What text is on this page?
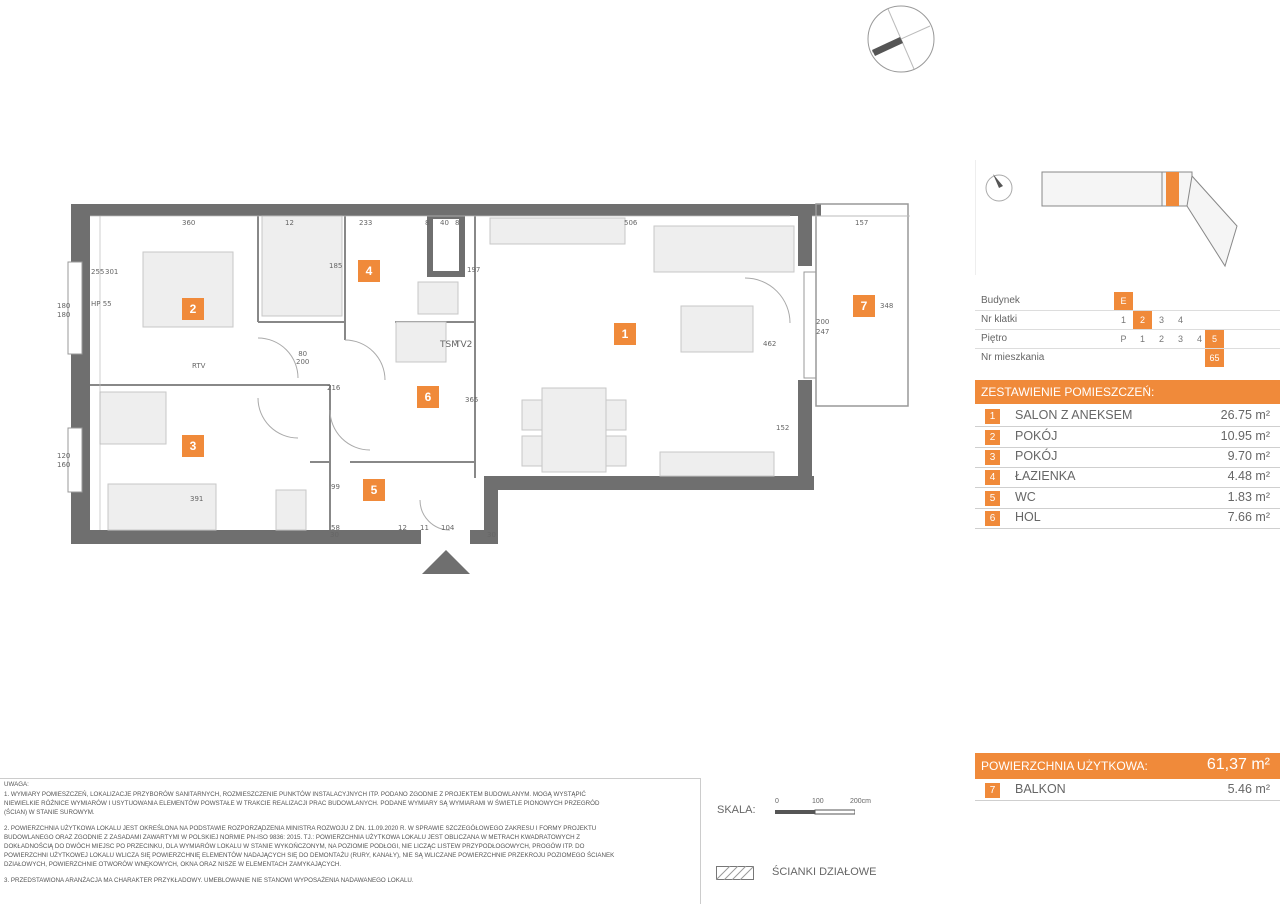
1
2
3
4
5
6
7
360	12	233	8 40 8	506	157
301
255
180
180
185	197
200
247
462
348
365
152
216
391
120
160
99
104
58	12 11
30	30
80
200
TSM
TV2
RTV
HP 55	Budynek	E
Nr klatki	1	2	3	4
Piętro	P	1	2	3	4	5
Nr mieszkania	65
ZESTAWIENIE POMIESZCZEŃ:
1	SALON Z ANEKSEM	26.75 m²
2	POKÓJ	10.95 m²
3	POKÓJ	9.70 m²
4	ŁAZIENKA	4.48 m²
5	WC	1.83 m²
6	HOL	7.66 m²
POWIERZCHNIA UŻYTKOWA:	61,37 m²
7	BALKON	5.46 m²

UWAGA:

1. WYMIARY POMIESZCZEŃ, LOKALIZACJE PRZYBORÓW SANITARNYCH, ROZMIESZCZENIE PUNKTÓW INSTALACYJNYCH ITP. PODANO ZGODNIE Z PROJEKTEM BUDOWLANYM. MOGĄ WYSTĄPIĆ

NIEWIELKIE RÓŻNICE WYMIARÓW I USYTUOWANIA ELEMENTÓW POWSTAŁE W TRAKCIE REALIZACJI PRAC BUDOWLANYCH. PODANE WYMIARY SĄ WYMIARAMI W ŚWIETLE PIONOWYCH PRZEGRÓD

(ŚCIAN) W STANIE SUROWYM.

2. POWIERZCHNIA UŻYTKOWA LOKALU JEST OKREŚLONA NA PODSTAWIE ROZPORZĄDZENIA MINISTRA ROZWOJU Z DN. 11.09.2020 R. W SPRAWIE SZCZEGÓŁOWEGO ZAKRESU I FORMY PROJEKTU

BUDOWLANEGO ORAZ ZGODNIE Z ZASADAMI ZAWARTYMI W POLSKIEJ NORMIE PN-ISO 9836: 2015. TJ.: POWIERZCHNIA UŻYTKOWA LOKALU JEST OBLICZANA W METRACH KWADRATOWYCH Z

DOKŁADNOŚCIĄ DO DWÓCH MIEJSC PO PRZECINKU, DLA WYMIARÓW LOKALU W STANIE WYKOŃCZONYM, NA POZIOMIE PODŁOGI, NIE LICZĄC LISTEW PRZYPODŁOGOWYCH, PROGÓW ITP. DO

POWIERZCHNI UŻYTKOWEJ LOKALU WLICZA SIĘ POWIERZCHNIĘ ELEMENTÓW NADAJĄCYCH SIĘ DO DEMONTAŻU (RURY, KANAŁY), NIE SĄ WLICZANE POWIERZCHNIE PRZEKROJU POZIOMEGO ŚCIANEK

DZIAŁOWYCH, POWIERZCHNIE OTWORÓW WNĘKOWYCH, OKNA ORAZ NISZE W ELEMENTACH ZAMYKAJĄCYCH.

3. PRZEDSTAWIONA ARANŻACJA MA CHARAKTER PRZYKŁADOWY. UMEBLOWANIE NIE STANOWI WYPOSAŻENIA NADAWANEGO LOKALU.

SKALA:
0	100	200cm
ŚCIANKI DZIAŁOWE
